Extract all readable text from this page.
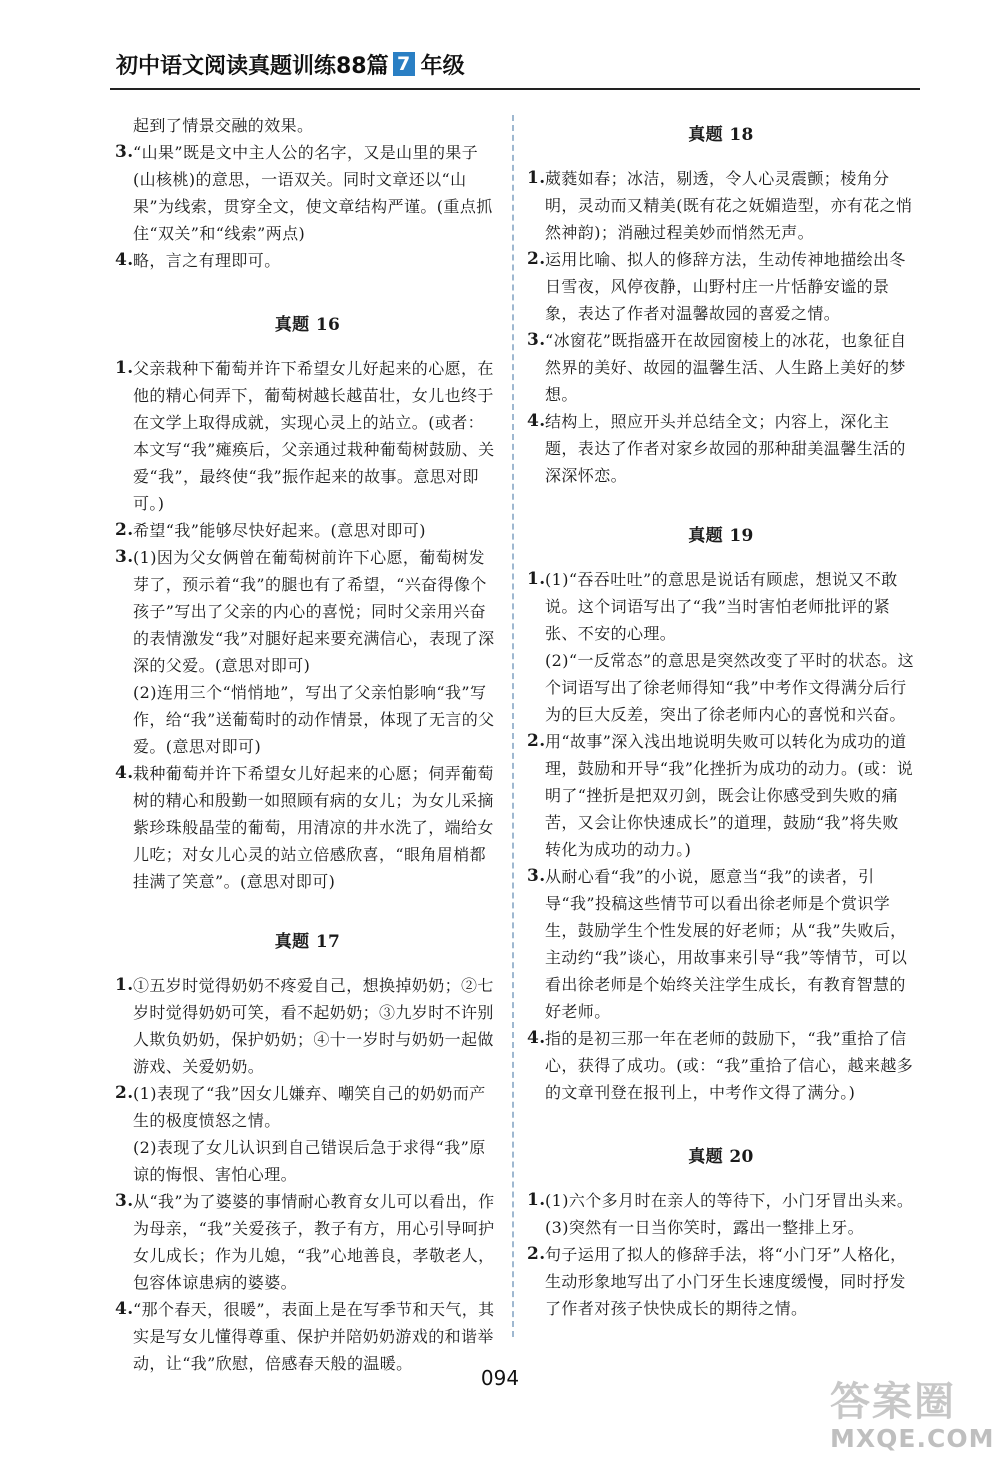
初中语文阅读真题训练88篇 7 年级

起到了情景交融的效果。

3. “山果”既是文中主人公的名字，又是山里的果子(山核桃)的意思，一语双关。同时文章还以“山果”为线索，贯穿全文，使文章结构严谨。(重点抓住“双关”和“线索”两点)

4. 略，言之有理即可。

真题 16
1. 父亲栽种下葡萄并许下希望女儿好起来的心愿，在他的精心伺弄下，葡萄树越长越苗壮，女儿也终于在文学上取得成就，实现心灵上的站立。(或者：本文写“我”瘫痪后，父亲通过栽种葡萄树鼓励、关爱“我”，最终使“我”振作起来的故事。意思对即可。)

2. 希望“我”能够尽快好起来。(意思对即可)

3. (1)因为父女俩曾在葡萄树前许下心愿，葡萄树发芽了，预示着“我”的腿也有了希望，“兴奋得像个孩子”写出了父亲的内心的喜悦；同时父亲用兴奋的表情激发“我”对腿好起来要充满信心，表现了深深的父爱。(意思对即可)

(2)连用三个“悄悄地”，写出了父亲怕影响“我”写作，给“我”送葡萄时的动作情景，体现了无言的父爱。(意思对即可)

4. 栽种葡萄并许下希望女儿好起来的心愿；伺弄葡萄树的精心和殷勤一如照顾有病的女儿；为女儿采摘紫珍珠般晶莹的葡萄，用清凉的井水洗了，端给女儿吃；对女儿心灵的站立倍感欣喜，“眼角眉梢都挂满了笑意”。(意思对即可)

真题 17
1. ①五岁时觉得奶奶不疼爱自己，想换掉奶奶；②七岁时觉得奶奶可笑，看不起奶奶；③九岁时不许别人欺负奶奶，保护奶奶；④十一岁时与奶奶一起做游戏、关爱奶奶。

2. (1)表现了“我”因女儿嫌弃、嘲笑自己的奶奶而产生的极度愤怒之情。

(2)表现了女儿认识到自己错误后急于求得“我”原谅的悔恨、害怕心理。

3. 从“我”为了婆婆的事情耐心教育女儿可以看出，作为母亲，“我”关爱孩子，教子有方，用心引导呵护女儿成长；作为儿媳，“我”心地善良，孝敬老人，包容体谅患病的婆婆。

4. “那个春天，很暖”，表面上是在写季节和天气，其实是写女儿懂得尊重、保护并陪奶奶游戏的和谐举动，让“我”欣慰，倍感春天般的温暖。

真题 18
1. 葳蕤如春；冰洁，剔透，令人心灵震颤；棱角分明，灵动而又精美(既有花之妩媚造型，亦有花之悄然神韵)；消融过程美妙而悄然无声。

2. 运用比喻、拟人的修辞方法，生动传神地描绘出冬日雪夜，风停夜静，山野村庄一片恬静安谧的景象，表达了作者对温馨故园的喜爱之情。

3. “冰窗花”既指盛开在故园窗棱上的冰花，也象征自然界的美好、故园的温馨生活、人生路上美好的梦想。

4. 结构上，照应开头并总结全文；内容上，深化主题，表达了作者对家乡故园的那种甜美温馨生活的深深怀恋。

真题 19
1. (1)“吞吞吐吐”的意思是说话有顾虑，想说又不敢说。这个词语写出了“我”当时害怕老师批评的紧张、不安的心理。

(2)“一反常态”的意思是突然改变了平时的状态。这个词语写出了徐老师得知“我”中考作文得满分后行为的巨大反差，突出了徐老师内心的喜悦和兴奋。

2. 用“故事”深入浅出地说明失败可以转化为成功的道理，鼓励和开导“我”化挫折为成功的动力。(或：说明了“挫折是把双刃剑，既会让你感受到失败的痛苦，又会让你快速成长”的道理，鼓励“我”将失败转化为成功的动力。)

3. 从耐心看“我”的小说，愿意当“我”的读者，引导“我”投稿这些情节可以看出徐老师是个赏识学生，鼓励学生个性发展的好老师；从“我”失败后，主动约“我”谈心，用故事来引导“我”等情节，可以看出徐老师是个始终关注学生成长，有教育智慧的好老师。

4. 指的是初三那一年在老师的鼓励下，“我”重拾了信心，获得了成功。(或：“我”重拾了信心，越来越多的文章刊登在报刊上，中考作文得了满分。)

真题 20
1. (1)六个多月时在亲人的等待下，小门牙冒出头来。(3)突然有一日当你笑时，露出一整排上牙。

2. 句子运用了拟人的修辞手法，将“小门牙”人格化，生动形象地写出了小门牙生长速度缓慢，同时抒发了作者对孩子快快成长的期待之情。

094
答案圈
MXQE.COM
